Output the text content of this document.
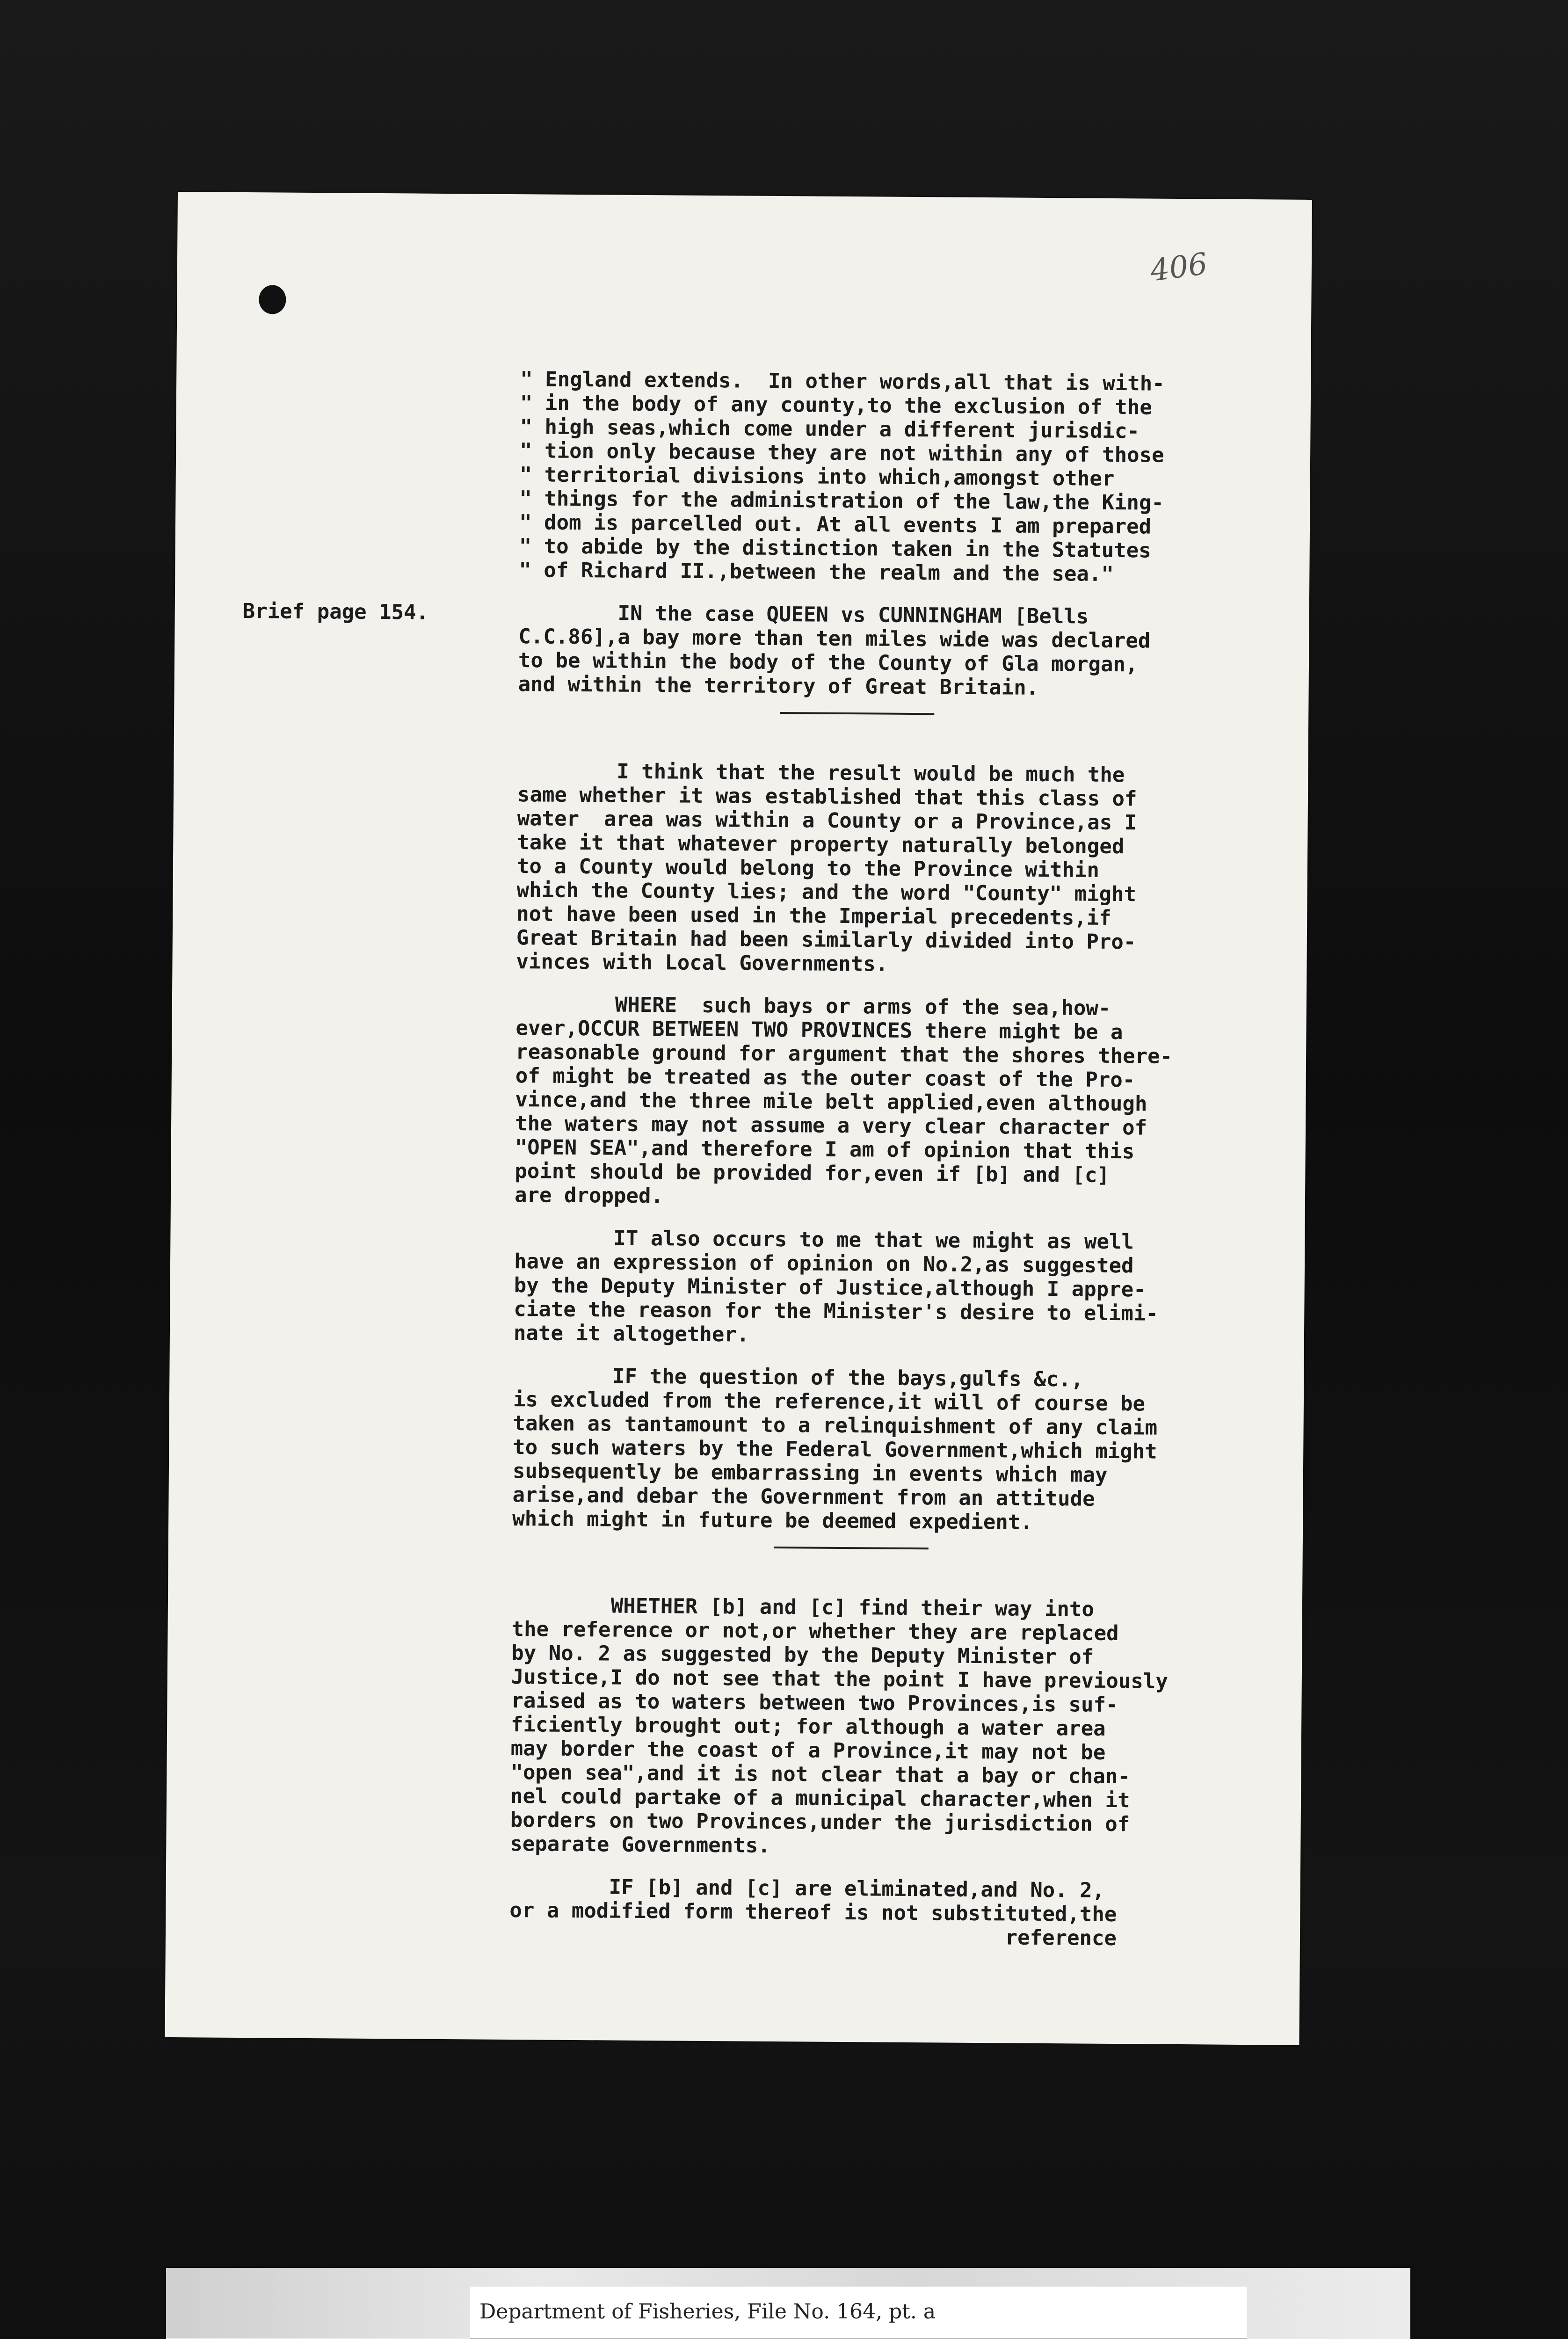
406
Brief page 154.

" England extends.  In other words,all that is with-
" in the body of any county,to the exclusion of the
" high seas,which come under a different jurisdic-
" tion only because they are not within any of those
" territorial divisions into which,amongst other
" things for the administration of the law,the King-
" dom is parcelled out. At all events I am prepared
" to abide by the distinction taken in the Statutes
" of Richard II.,between the realm and the sea."

IN the case QUEEN vs CUNNINGHAM [Bells
C.C.86],a bay more than ten miles wide was declared
to be within the body of the County of Gla morgan,
and within the territory of Great Britain.

I think that the result would be much the
same whether it was established that this class of
water  area was within a County or a Province,as I
take it that whatever property naturally belonged
to a County would belong to the Province within
which the County lies; and the word "County" might
not have been used in the Imperial precedents,if
Great Britain had been similarly divided into Pro-
vinces with Local Governments.

WHERE  such bays or arms of the sea,how-
ever,OCCUR BETWEEN TWO PROVINCES there might be a
reasonable ground for argument that the shores there-
of might be treated as the outer coast of the Pro-
vince,and the three mile belt applied,even although
the waters may not assume a very clear character of
"OPEN SEA",and therefore I am of opinion that this
point should be provided for,even if [b] and [c]
are dropped.

IT also occurs to me that we might as well
have an expression of opinion on No.2,as suggested
by the Deputy Minister of Justice,although I appre-
ciate the reason for the Minister's desire to elimi-
nate it altogether.

IF the question of the bays,gulfs &c.,
is excluded from the reference,it will of course be
taken as tantamount to a relinquishment of any claim
to such waters by the Federal Government,which might
subsequently be embarrassing in events which may
arise,and debar the Government from an attitude
which might in future be deemed expedient.

WHETHER [b] and [c] find their way into
the reference or not,or whether they are replaced
by No. 2 as suggested by the Deputy Minister of
Justice,I do not see that the point I have previously
raised as to waters between two Provinces,is suf-
ficiently brought out; for although a water area
may border the coast of a Province,it may not be
"open sea",and it is not clear that a bay or chan-
nel could partake of a municipal character,when it
borders on two Provinces,under the jurisdiction of
separate Governments.

IF [b] and [c] are eliminated,and No. 2,
or a modified form thereof is not substituted,the
reference

Department of Fisheries, File No. 164, pt. a
